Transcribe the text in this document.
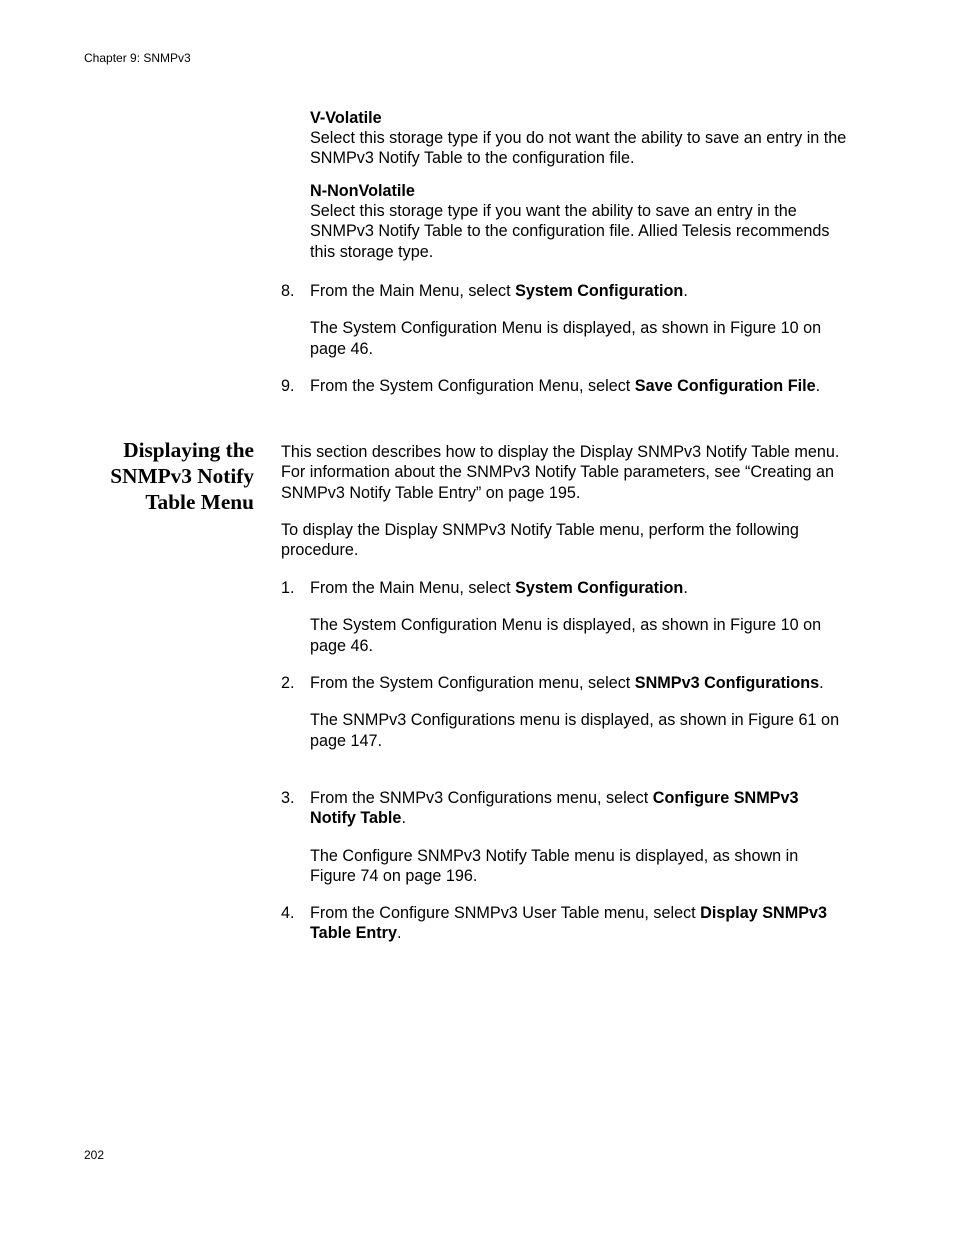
Chapter 9: SNMPv3

V-Volatile

Select this storage type if you do not want the ability to save an entry in the SNMPv3 Notify Table to the configuration file.

N-NonVolatile

Select this storage type if you want the ability to save an entry in the SNMPv3 Notify Table to the configuration file. Allied Telesis recommends this storage type.

8. From the Main Menu, select System Configuration.

The System Configuration Menu is displayed, as shown in Figure 10 on page 46.

9. From the System Configuration Menu, select Save Configuration File.

Displaying the SNMPv3 Notify Table Menu

This section describes how to display the Display SNMPv3 Notify Table menu. For information about the SNMPv3 Notify Table parameters, see “Creating an SNMPv3 Notify Table Entry” on page 195.

To display the Display SNMPv3 Notify Table menu, perform the following procedure.

1. From the Main Menu, select System Configuration.

The System Configuration Menu is displayed, as shown in Figure 10 on page 46.

2. From the System Configuration menu, select SNMPv3 Configurations.

The SNMPv3 Configurations menu is displayed, as shown in Figure 61 on page 147.

3. From the SNMPv3 Configurations menu, select Configure SNMPv3 Notify Table.

The Configure SNMPv3 Notify Table menu is displayed, as shown in Figure 74 on page 196.

4. From the Configure SNMPv3 User Table menu, select Display SNMPv3 Table Entry.

202
